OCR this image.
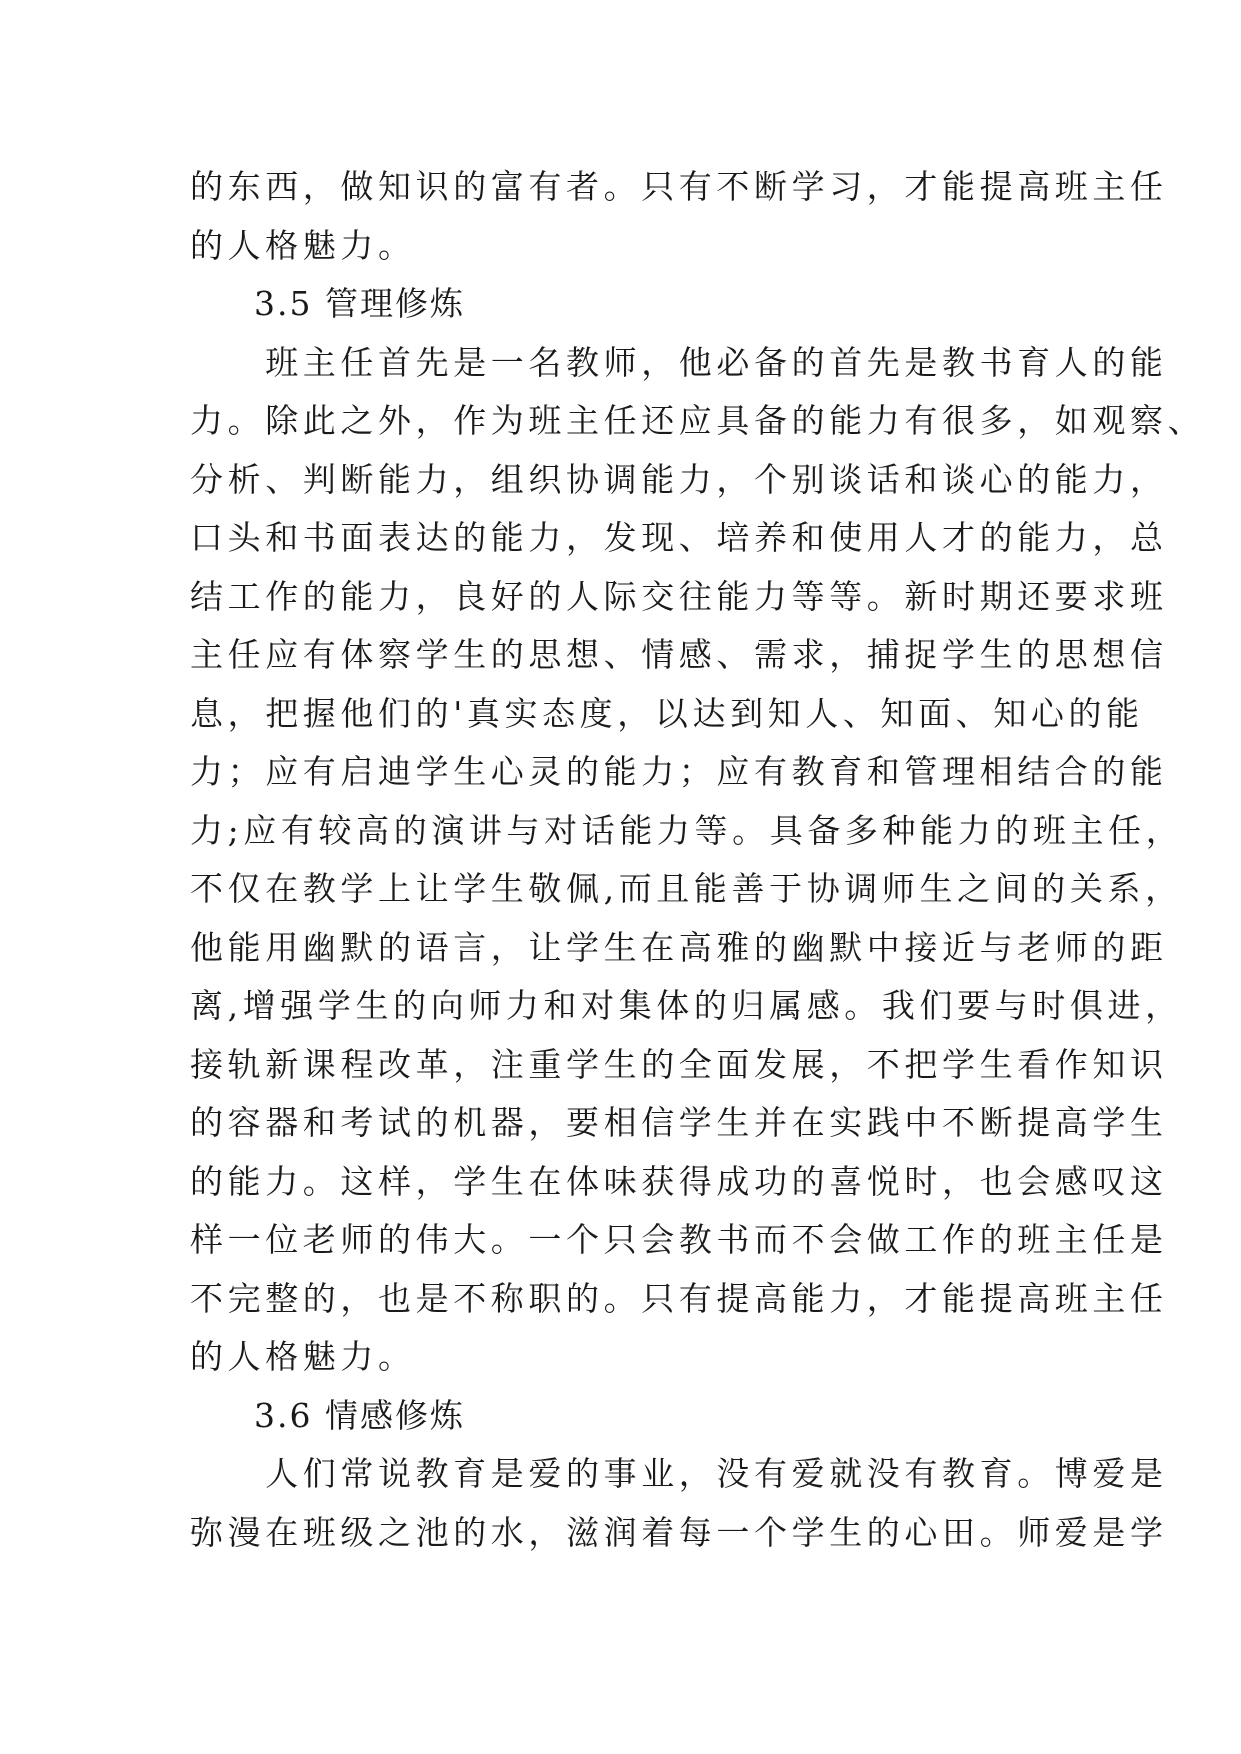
的东西，做知识的富有者。只有不断学习，才能提高班主任
的人格魅力。
3.5 管理修炼
　　班主任首先是一名教师，他必备的首先是教书育人的能
力。除此之外，作为班主任还应具备的能力有很多，如观察、
分析、判断能力，组织协调能力，个别谈话和谈心的能力，
口头和书面表达的能力，发现、培养和使用人才的能力，总
结工作的能力，良好的人际交往能力等等。新时期还要求班
主任应有体察学生的思想、情感、需求，捕捉学生的思想信
息，把握他们的'真实态度，以达到知人、知面、知心的能
力；应有启迪学生心灵的能力；应有教育和管理相结合的能
力;应有较高的演讲与对话能力等。具备多种能力的班主任，
不仅在教学上让学生敬佩,而且能善于协调师生之间的关系，
他能用幽默的语言，让学生在高雅的幽默中接近与老师的距
离,增强学生的向师力和对集体的归属感。我们要与时俱进，
接轨新课程改革，注重学生的全面发展，不把学生看作知识
的容器和考试的机器，要相信学生并在实践中不断提高学生
的能力。这样，学生在体味获得成功的喜悦时，也会感叹这
样一位老师的伟大。一个只会教书而不会做工作的班主任是
不完整的，也是不称职的。只有提高能力，才能提高班主任
的人格魅力。
3.6 情感修炼
　　人们常说教育是爱的事业，没有爱就没有教育。博爱是
弥漫在班级之池的水，滋润着每一个学生的心田。师爱是学
